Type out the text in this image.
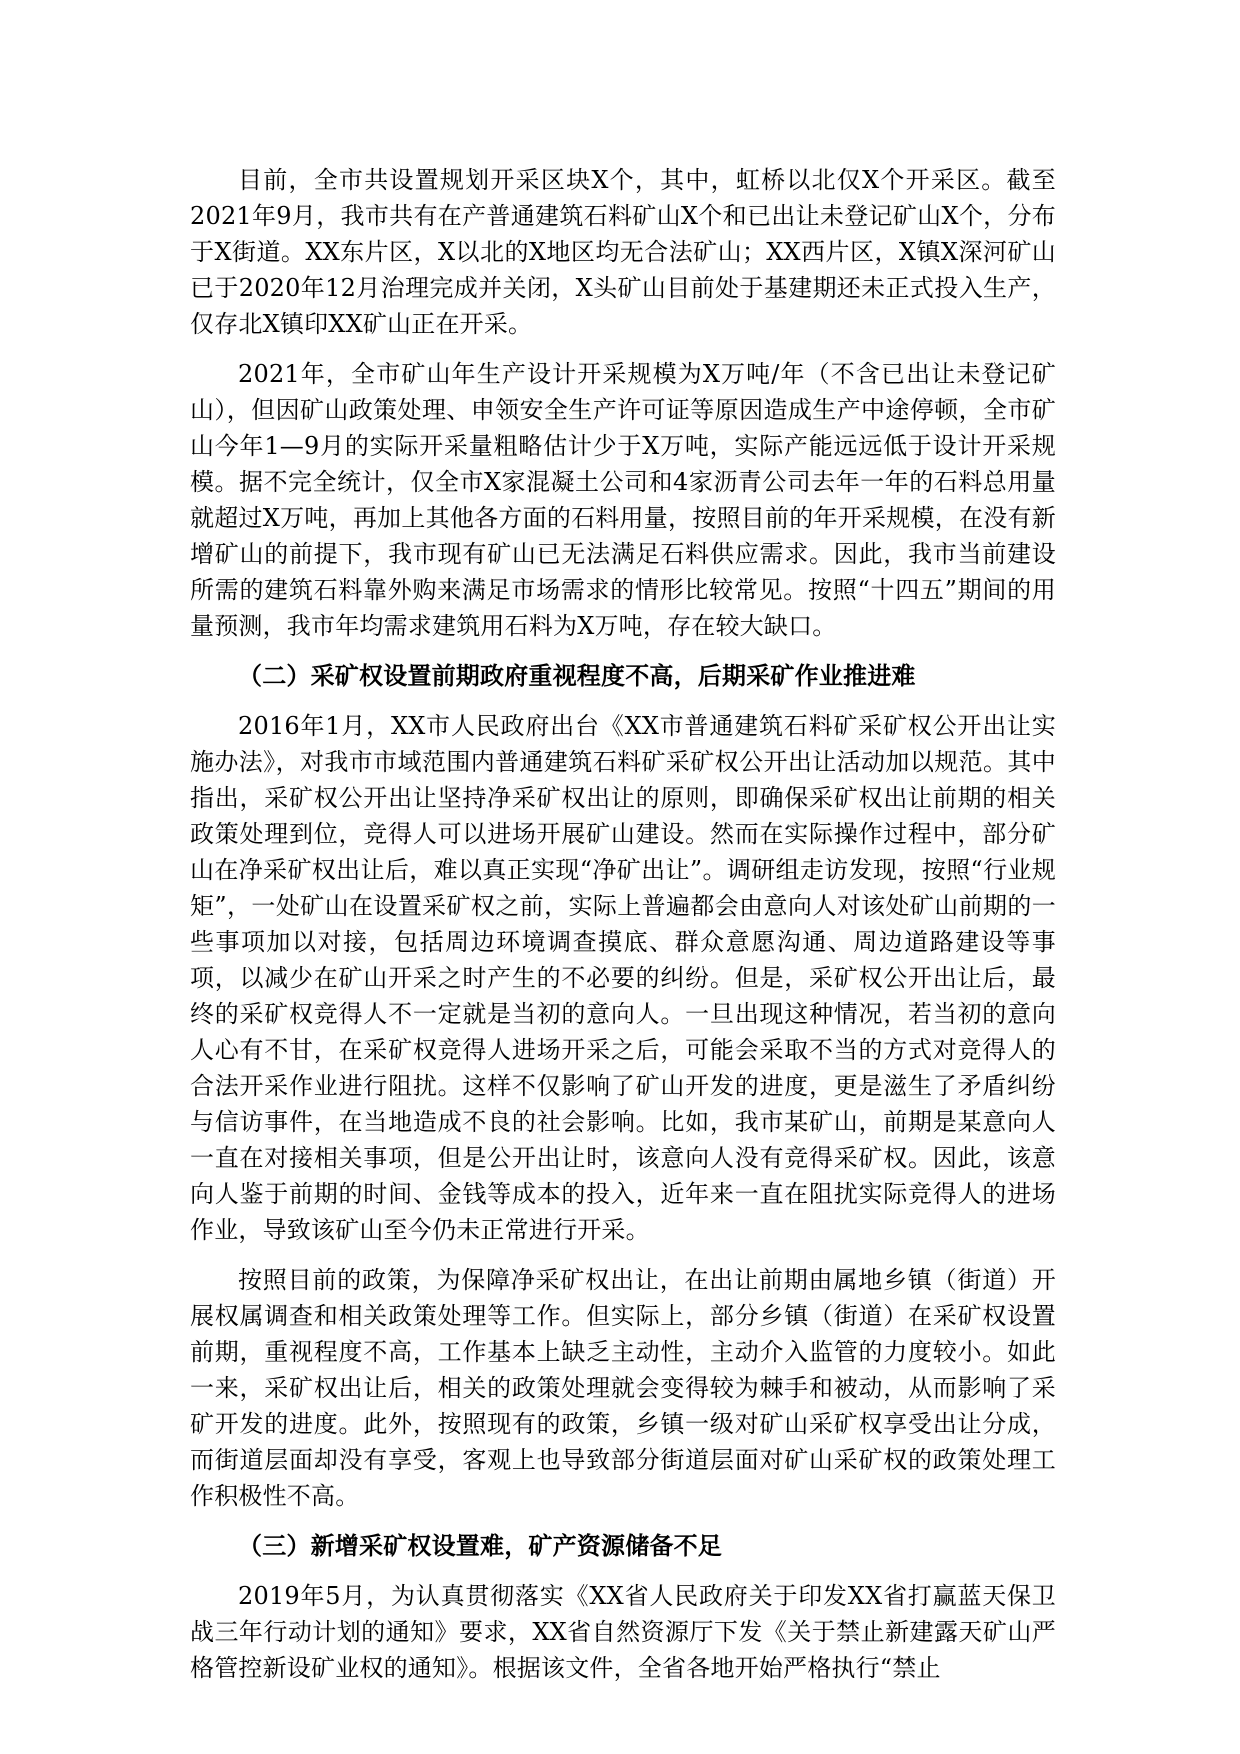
目前，全市共设置规划开采区块X个，其中，虹桥以北仅X个开采区。截至2021年9月，我市共有在产普通建筑石料矿山X个和已出让未登记矿山X个，分布于X街道。XX东片区，X以北的X地区均无合法矿山；XX西片区，X镇X深河矿山已于2020年12月治理完成并关闭，X头矿山目前处于基建期还未正式投入生产，仅存北X镇印XX矿山正在开采。

2021年，全市矿山年生产设计开采规模为X万吨/年（不含已出让未登记矿山），但因矿山政策处理、申领安全生产许可证等原因造成生产中途停顿，全市矿山今年1—9月的实际开采量粗略估计少于X万吨，实际产能远远低于设计开采规模。据不完全统计，仅全市X家混凝土公司和4家沥青公司去年一年的石料总用量就超过X万吨，再加上其他各方面的石料用量，按照目前的年开采规模，在没有新增矿山的前提下，我市现有矿山已无法满足石料供应需求。因此，我市当前建设所需的建筑石料靠外购来满足市场需求的情形比较常见。按照“十四五”期间的用量预测，我市年均需求建筑用石料为X万吨，存在较大缺口。

（二）采矿权设置前期政府重视程度不高，后期采矿作业推进难

2016年1月，XX市人民政府出台《XX市普通建筑石料矿采矿权公开出让实施办法》，对我市市域范围内普通建筑石料矿采矿权公开出让活动加以规范。其中指出，采矿权公开出让坚持净采矿权出让的原则，即确保采矿权出让前期的相关政策处理到位，竞得人可以进场开展矿山建设。然而在实际操作过程中，部分矿山在净采矿权出让后，难以真正实现“净矿出让”。调研组走访发现，按照“行业规矩”，一处矿山在设置采矿权之前，实际上普遍都会由意向人对该处矿山前期的一些事项加以对接，包括周边环境调查摸底、群众意愿沟通、周边道路建设等事项，以减少在矿山开采之时产生的不必要的纠纷。但是，采矿权公开出让后，最终的采矿权竞得人不一定就是当初的意向人。一旦出现这种情况，若当初的意向人心有不甘，在采矿权竞得人进场开采之后，可能会采取不当的方式对竞得人的合法开采作业进行阻扰。这样不仅影响了矿山开发的进度，更是滋生了矛盾纠纷与信访事件，在当地造成不良的社会影响。比如，我市某矿山，前期是某意向人一直在对接相关事项，但是公开出让时，该意向人没有竞得采矿权。因此，该意向人鉴于前期的时间、金钱等成本的投入，近年来一直在阻扰实际竞得人的进场作业，导致该矿山至今仍未正常进行开采。

按照目前的政策，为保障净采矿权出让，在出让前期由属地乡镇（街道）开展权属调查和相关政策处理等工作。但实际上，部分乡镇（街道）在采矿权设置前期，重视程度不高，工作基本上缺乏主动性，主动介入监管的力度较小。如此一来，采矿权出让后，相关的政策处理就会变得较为棘手和被动，从而影响了采矿开发的进度。此外，按照现有的政策，乡镇一级对矿山采矿权享受出让分成，而街道层面却没有享受，客观上也导致部分街道层面对矿山采矿权的政策处理工作积极性不高。

（三）新增采矿权设置难，矿产资源储备不足

2019年5月，为认真贯彻落实《XX省人民政府关于印发XX省打赢蓝天保卫战三年行动计划的通知》要求，XX省自然资源厅下发《关于禁止新建露天矿山严格管控新设矿业权的通知》。根据该文件，全省各地开始严格执行“禁止
